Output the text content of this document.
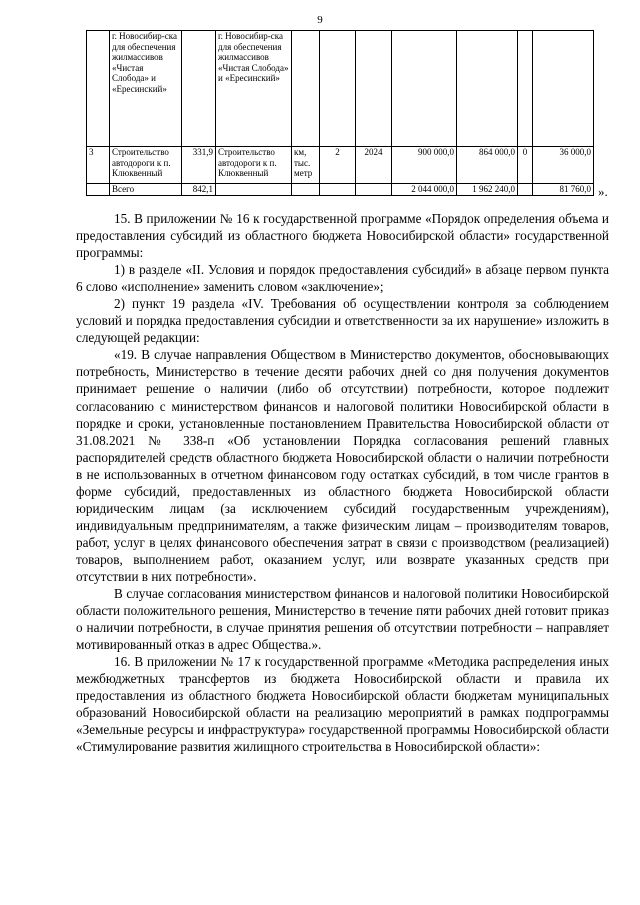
9
	г. Новосибир-ска для обеспечения жилмассивов «Чистая Слобода» и «Ересинский»		г. Новосибир-ска для обеспечения жилмассивов «Чистая Слобода» и «Ересинский»							
3	Строительство автодороги к п. Клюквенный	331,9	Строительство автодороги к п. Клюквенный	км, тыс. метр	2	2024	900 000,0	864 000,0	0	36 000,0
	Всего	842,1					2 044 000,0	1 962 240,0		81 760,0 ».

15. В приложении № 16 к государственной программе «Порядок определения объема и предоставления субсидий из областного бюджета Новосибирской области» государственной программы:

1) в разделе «II. Условия и порядок предоставления субсидий» в абзаце первом пункта 6 слово «исполнение» заменить словом «заключение»;

2) пункт 19 раздела «IV. Требования об осуществлении контроля за соблюдением условий и порядка предоставления субсидии и ответственности за их нарушение» изложить в следующей редакции:

«19. В случае направления Обществом в Министерство документов, обосновывающих потребность, Министерство в течение десяти рабочих дней со дня получения документов принимает решение о наличии (либо об отсутствии) потребности, которое подлежит согласованию с министерством финансов и налоговой политики Новосибирской области в порядке и сроки, установленные постановлением Правительства Новосибирской области от 31.08.2021 № 338-п «Об установлении Порядка согласования решений главных распорядителей средств областного бюджета Новосибирской области о наличии потребности в не использованных в отчетном финансовом году остатках субсидий, в том числе грантов в форме субсидий, предоставленных из областного бюджета Новосибирской области юридическим лицам (за исключением субсидий государственным учреждениям), индивидуальным предпринимателям, а также физическим лицам – производителям товаров, работ, услуг в целях финансового обеспечения затрат в связи с производством (реализацией) товаров, выполнением работ, оказанием услуг, или возврате указанных средств при отсутствии в них потребности».

В случае согласования министерством финансов и налоговой политики Новосибирской области положительного решения, Министерство в течение пяти рабочих дней готовит приказ о наличии потребности, в случае принятия решения об отсутствии потребности – направляет мотивированный отказ в адрес Общества.».

16. В приложении № 17 к государственной программе «Методика распределения иных межбюджетных трансфертов из бюджета Новосибирской области и правила их предоставления из областного бюджета Новосибирской области бюджетам муниципальных образований Новосибирской области на реализацию мероприятий в рамках подпрограммы «Земельные ресурсы и инфраструктура» государственной программы Новосибирской области «Стимулирование развития жилищного строительства в Новосибирской области»:
